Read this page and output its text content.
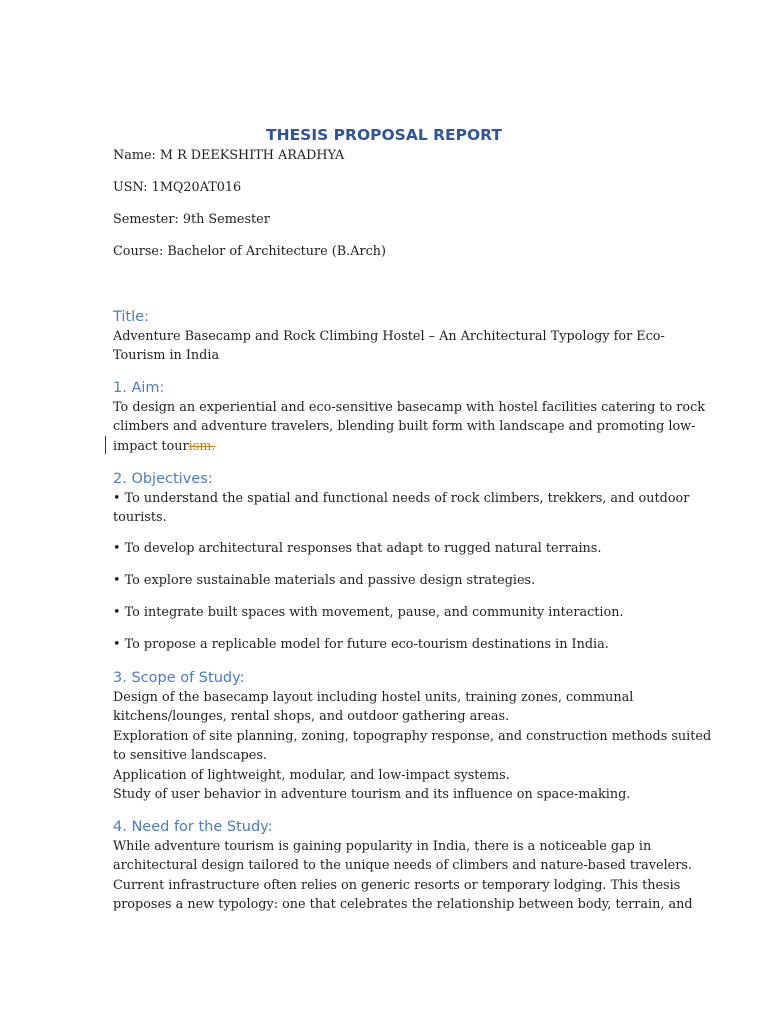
THESIS PROPOSAL REPORT
Name: M R DEEKSHITH ARADHYA
USN: 1MQ20AT016
Semester: 9th Semester
Course: Bachelor of Architecture (B.Arch)
Title:
Adventure Basecamp and Rock Climbing Hostel – An Architectural Typology for Eco-
Tourism in India
1. Aim:
To design an experiential and eco-sensitive basecamp with hostel facilities catering to rock
climbers and adventure travelers, blending built form with landscape and promoting low-
impact tourism.
2. Objectives:
• To understand the spatial and functional needs of rock climbers, trekkers, and outdoor
tourists.
• To develop architectural responses that adapt to rugged natural terrains.
• To explore sustainable materials and passive design strategies.
• To integrate built spaces with movement, pause, and community interaction.
• To propose a replicable model for future eco-tourism destinations in India.
3. Scope of Study:
Design of the basecamp layout including hostel units, training zones, communal
kitchens/lounges, rental shops, and outdoor gathering areas.
Exploration of site planning, zoning, topography response, and construction methods suited
to sensitive landscapes.
Application of lightweight, modular, and low-impact systems.
Study of user behavior in adventure tourism and its influence on space-making.
4. Need for the Study:
While adventure tourism is gaining popularity in India, there is a noticeable gap in
architectural design tailored to the unique needs of climbers and nature-based travelers.
Current infrastructure often relies on generic resorts or temporary lodging. This thesis
proposes a new typology: one that celebrates the relationship between body, terrain, and
